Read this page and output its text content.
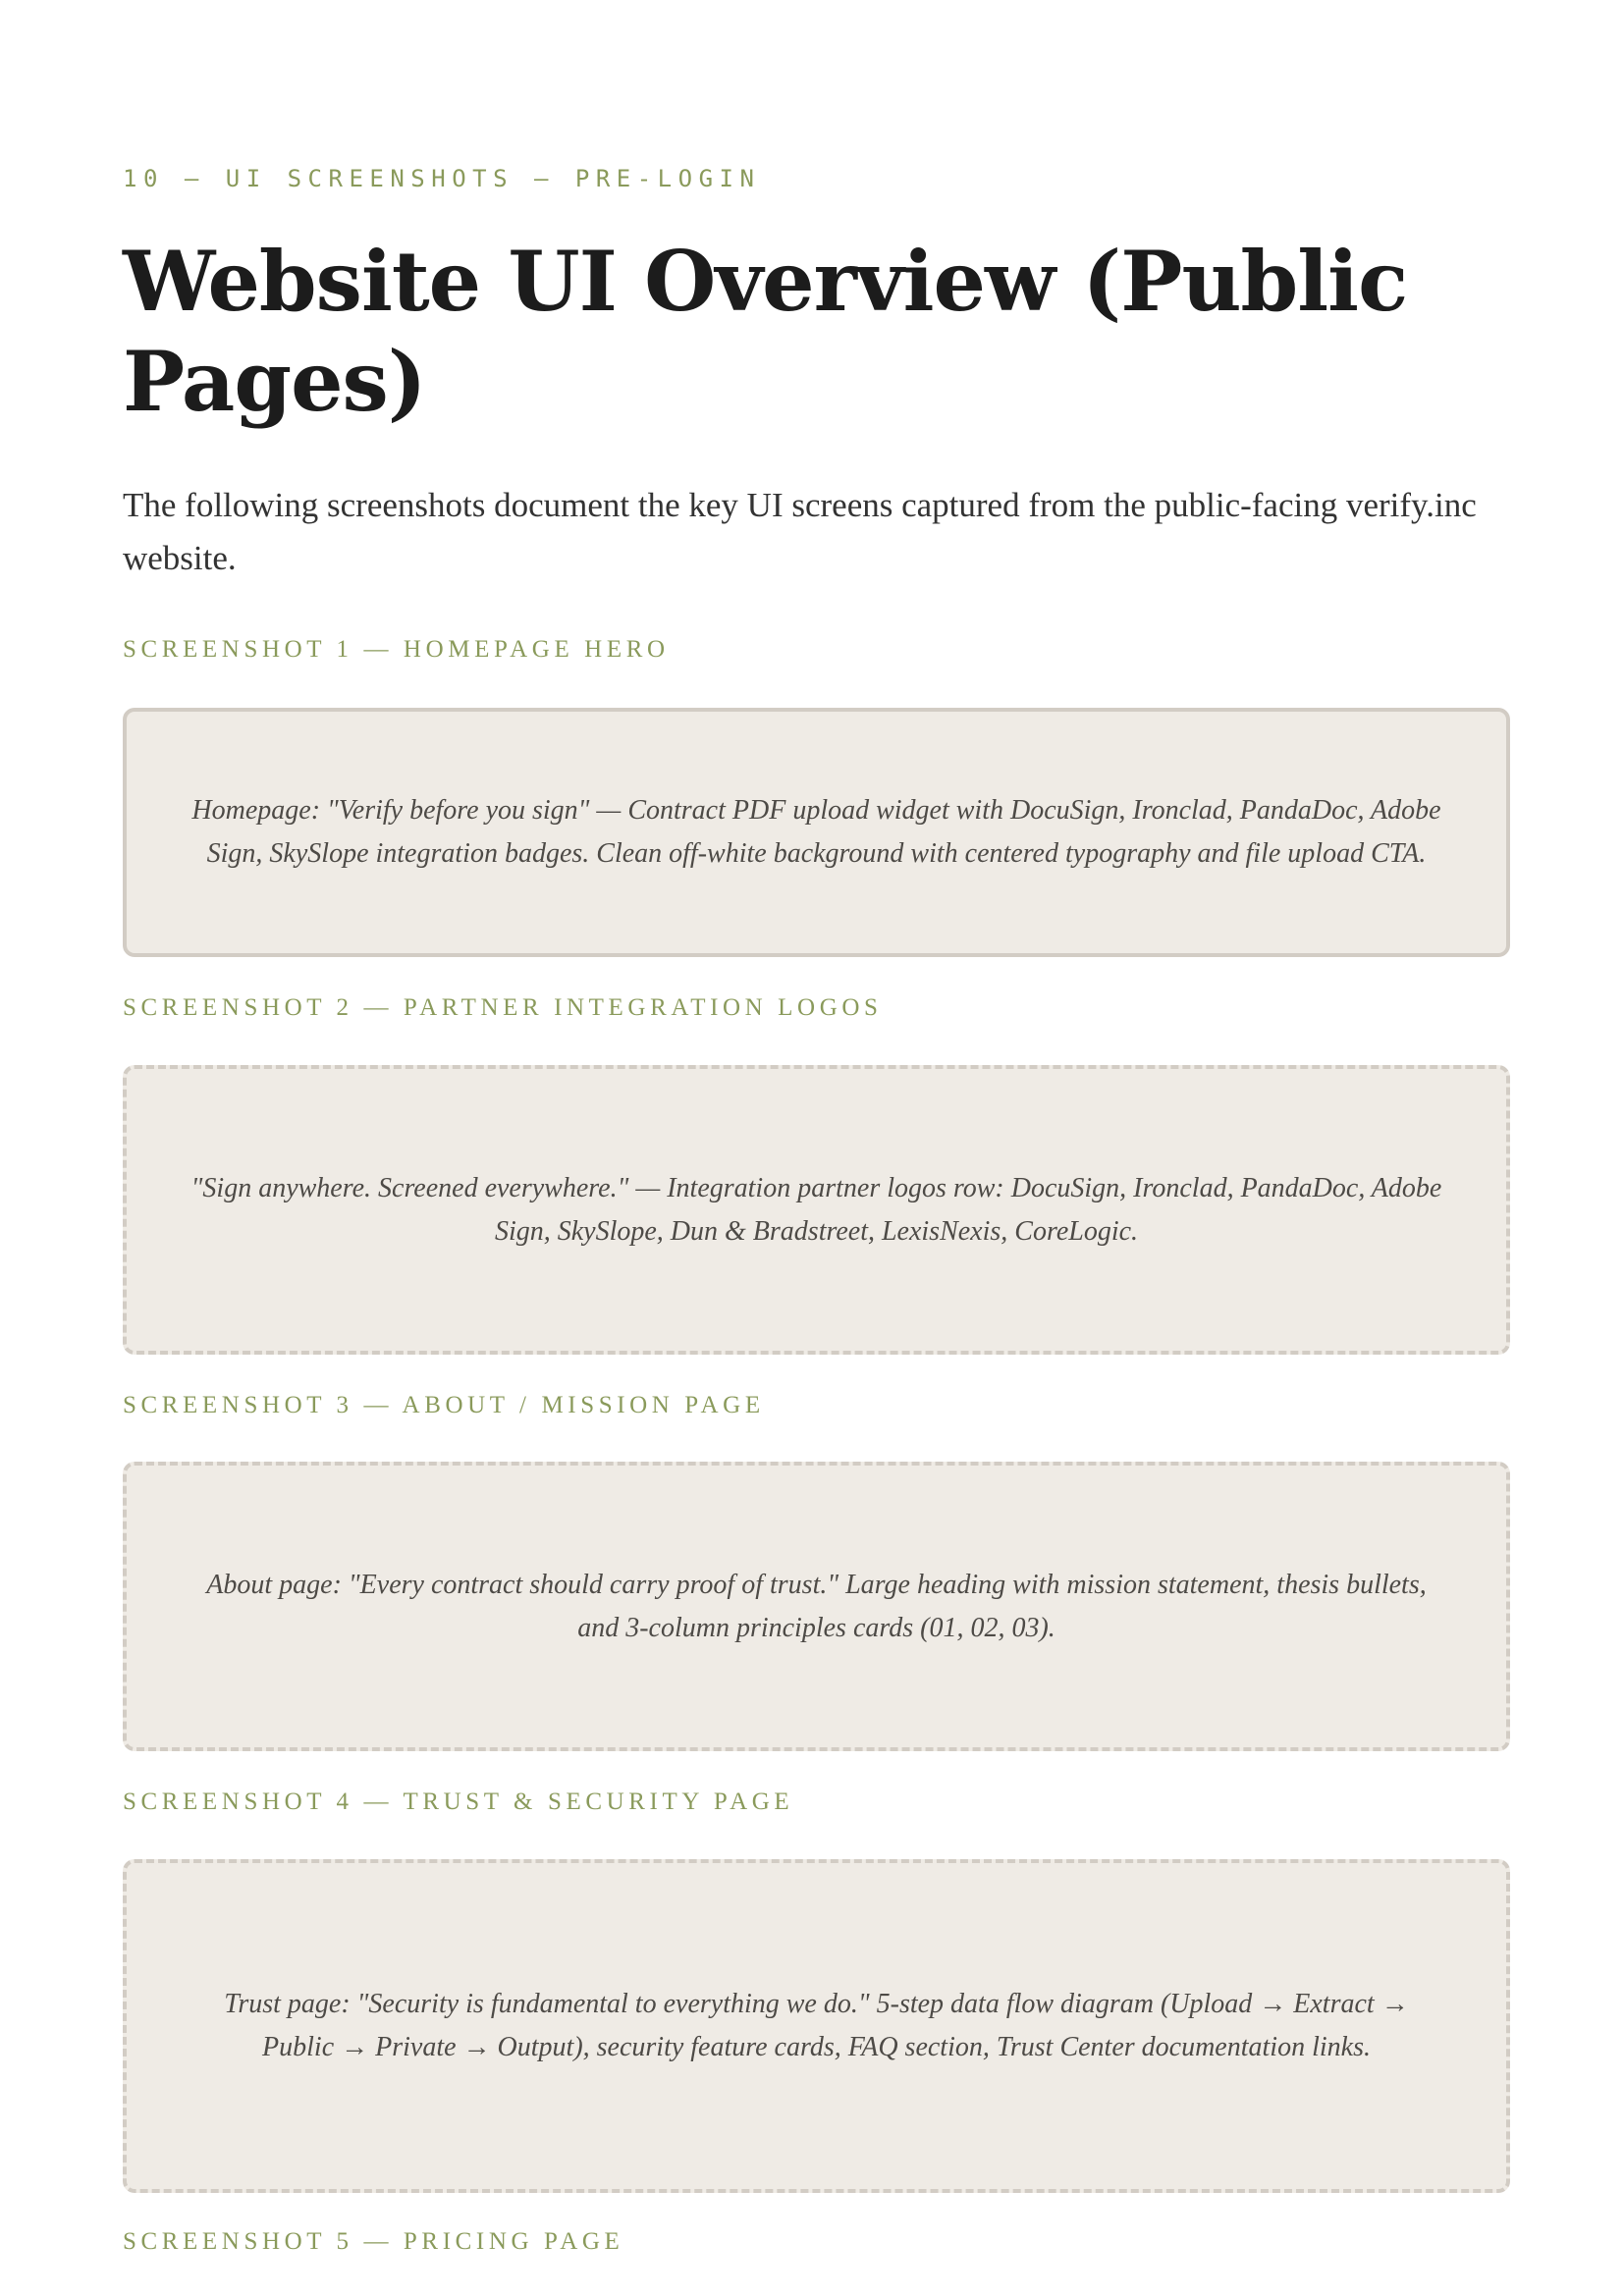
10 — UI SCREENSHOTS — PRE-LOGIN
Website UI Overview (Public Pages)

The following screenshots document the key UI screens captured from the public-facing verify.inc website.

SCREENSHOT 1 — HOMEPAGE HERO

Homepage: "Verify before you sign" — Contract PDF upload widget with DocuSign, Ironclad, PandaDoc, Adobe Sign, SkySlope integration badges. Clean off-white background with centered typography and file upload CTA.

SCREENSHOT 2 — PARTNER INTEGRATION LOGOS

"Sign anywhere. Screened everywhere." — Integration partner logos row: DocuSign, Ironclad, PandaDoc, Adobe Sign, SkySlope, Dun & Bradstreet, LexisNexis, CoreLogic.

SCREENSHOT 3 — ABOUT / MISSION PAGE

About page: "Every contract should carry proof of trust." Large heading with mission statement, thesis bullets, and 3-column principles cards (01, 02, 03).

SCREENSHOT 4 — TRUST & SECURITY PAGE

Trust page: "Security is fundamental to everything we do." 5-step data flow diagram (Upload → Extract → Public → Private → Output), security feature cards, FAQ section, Trust Center documentation links.

SCREENSHOT 5 — PRICING PAGE
